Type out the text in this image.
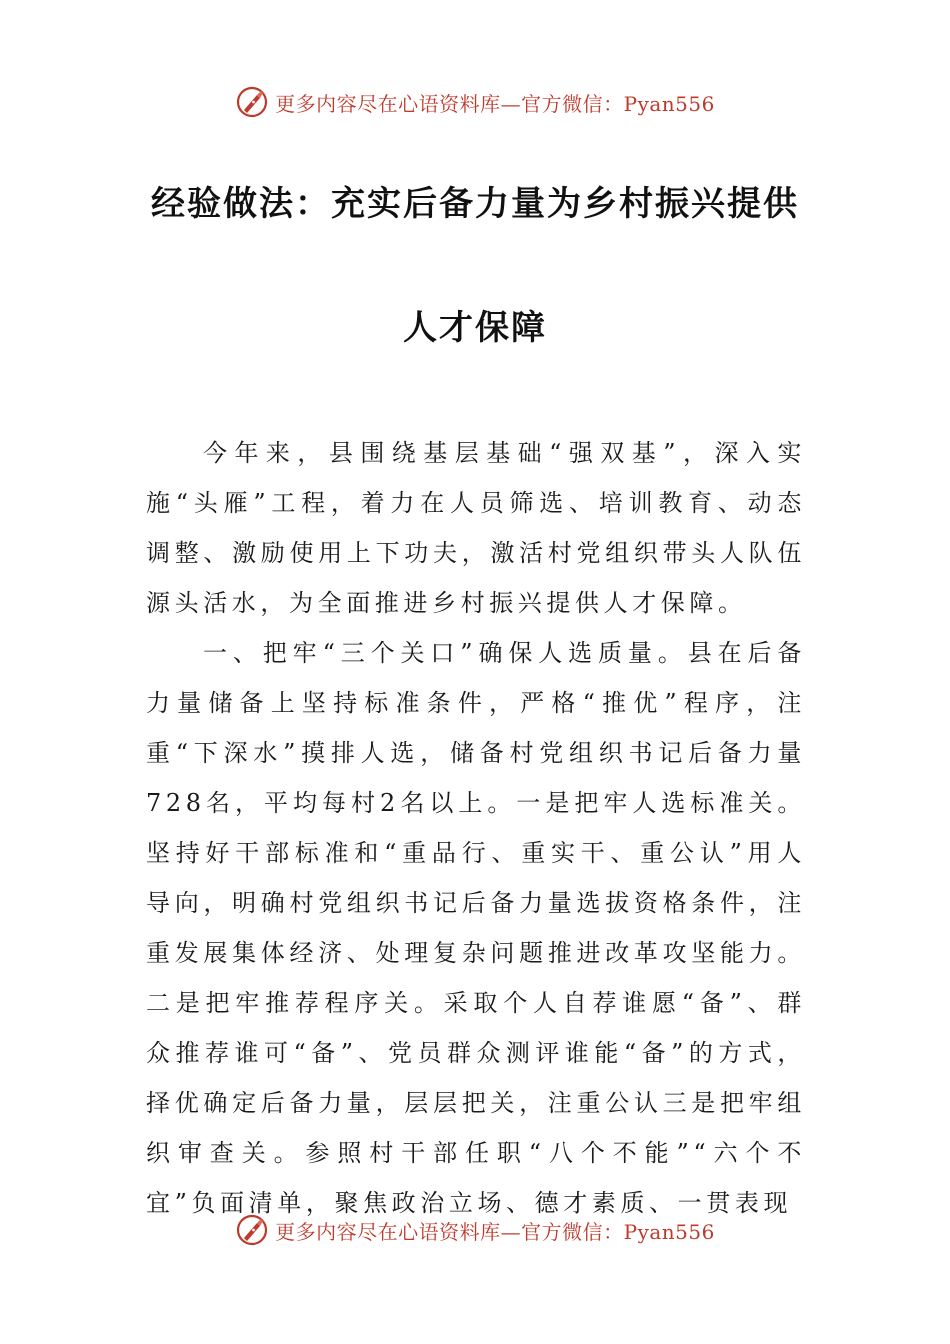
更多内容尽在心语资料库—官方微信：Pyan556
经验做法：充实后备力量为乡村振兴提供
人才保障

今年来，县围绕基层基础“强双基”，深入实施“头雁”工程，着力在人员筛选、培训教育、动态调整、激励使用上下功夫，激活村党组织带头人队伍源头活水，为全面推进乡村振兴提供人才保障。

一、把牢“三个关口”确保人选质量。县在后备力量储备上坚持标准条件，严格“推优”程序，注重“下深水”摸排人选，储备村党组织书记后备力量728名，平均每村2名以上。一是把牢人选标准关。坚持好干部标准和“重品行、重实干、重公认”用人导向，明确村党组织书记后备力量选拔资格条件，注重发展集体经济、处理复杂问题推进改革攻坚能力。二是把牢推荐程序关。采取个人自荐谁愿“备”、群众推荐谁可“备”、党员群众测评谁能“备”的方式，择优确定后备力量，层层把关，注重公认三是把牢组织审查关。参照村干部任职“八个不能”“六个不宜”负面清单，聚焦政治立场、德才素质、一贯表现

更多内容尽在心语资料库—官方微信：Pyan556
